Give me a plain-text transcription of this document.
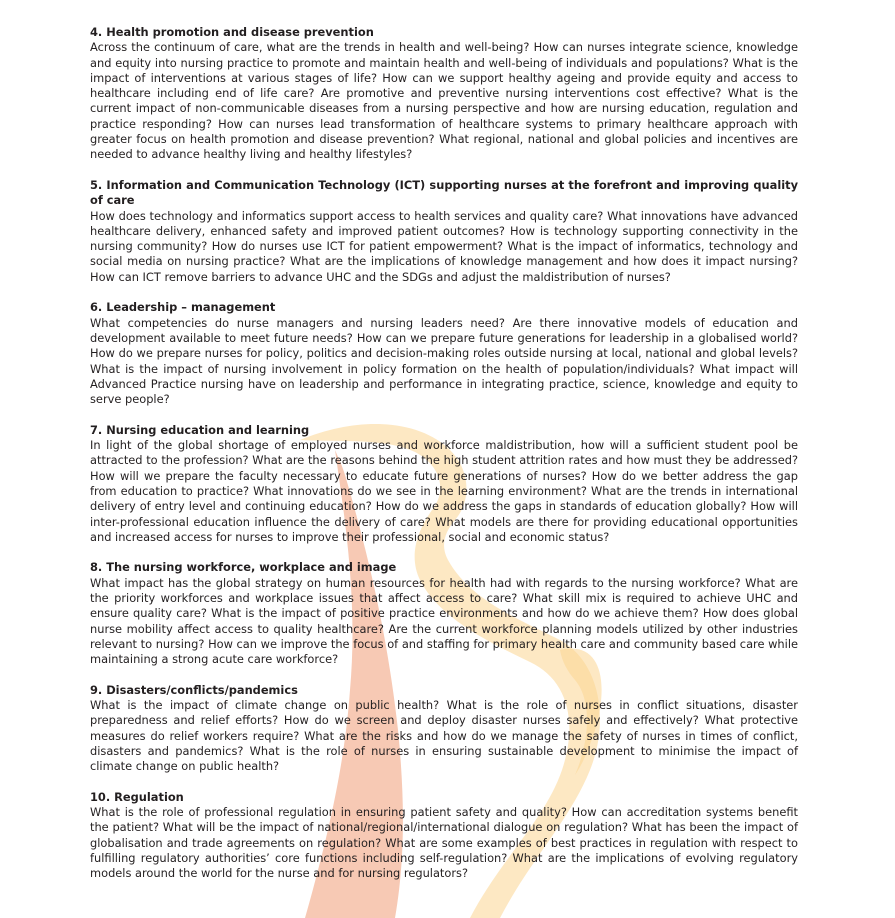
4. Health promotion and disease prevention

Across the continuum of care, what are the trends in health and well-being? How can nurses integrate science, knowledge and equity into nursing practice to promote and maintain health and well-being of individuals and populations? What is the impact of interventions at various stages of life? How can we support healthy ageing and provide equity and access to healthcare including end of life care? Are promotive and preventive nursing interventions cost effective? What is the current impact of non-communicable diseases from a nursing perspective and how are nursing education, regulation and practice responding? How can nurses lead transformation of healthcare systems to primary healthcare approach with greater focus on health promotion and disease prevention? What regional, national and global policies and incentives are needed to advance healthy living and healthy lifestyles?

5. Information and Communication Technology (ICT) supporting nurses at the forefront and improving quality of care

How does technology and informatics support access to health services and quality care? What innovations have advanced healthcare delivery, enhanced safety and improved patient outcomes? How is technology supporting connectivity in the nursing community? How do nurses use ICT for patient empowerment? What is the impact of informatics, technology and social media on nursing practice? What are the implications of knowledge management and how does it impact nursing? How can ICT remove barriers to advance UHC and the SDGs and adjust the maldistribution of nurses?

6. Leadership – management

What competencies do nurse managers and nursing leaders need? Are there innovative models of education and development available to meet future needs? How can we prepare future generations for leadership in a globalised world? How do we prepare nurses for policy, politics and decision-making roles outside nursing at local, national and global levels? What is the impact of nursing involvement in policy formation on the health of population/individuals? What impact will Advanced Practice nursing have on leadership and performance in integrating practice, science, knowledge and equity to serve people?

7. Nursing education and learning

In light of the global shortage of employed nurses and workforce maldistribution, how will a sufficient student pool be attracted to the profession? What are the reasons behind the high student attrition rates and how must they be addressed? How will we prepare the faculty necessary to educate future generations of nurses? How do we better address the gap from education to practice? What innovations do we see in the learning environment? What are the trends in international delivery of entry level and continuing education? How do we address the gaps in standards of education globally? How will inter-professional education influence the delivery of care? What models are there for providing educational opportunities and increased access for nurses to improve their professional, social and economic status?

8. The nursing workforce, workplace and image

What impact has the global strategy on human resources for health had with regards to the nursing workforce? What are the priority workforces and workplace issues that affect access to care? What skill mix is required to achieve UHC and ensure quality care? What is the impact of positive practice environments and how do we achieve them? How does global nurse mobility affect access to quality healthcare? Are the current workforce planning models utilized by other industries relevant to nursing? How can we improve the focus of and staffing for primary health care and community based care while maintaining a strong acute care workforce?

9. Disasters/conflicts/pandemics

What is the impact of climate change on public health? What is the role of nurses in conflict situations, disaster preparedness and relief efforts? How do we screen and deploy disaster nurses safely and effectively? What protective measures do relief workers require? What are the risks and how do we manage the safety of nurses in times of conflict, disasters and pandemics? What is the role of nurses in ensuring sustainable development to minimise the impact of climate change on public health?

10. Regulation

What is the role of professional regulation in ensuring patient safety and quality? How can accreditation systems benefit the patient? What will be the impact of national/regional/international dialogue on regulation? What has been the impact of globalisation and trade agreements on regulation? What are some examples of best practices in regulation with respect to fulfilling regulatory authorities’ core functions including self-regulation? What are the implications of evolving regulatory models around the world for the nurse and for nursing regulators?
